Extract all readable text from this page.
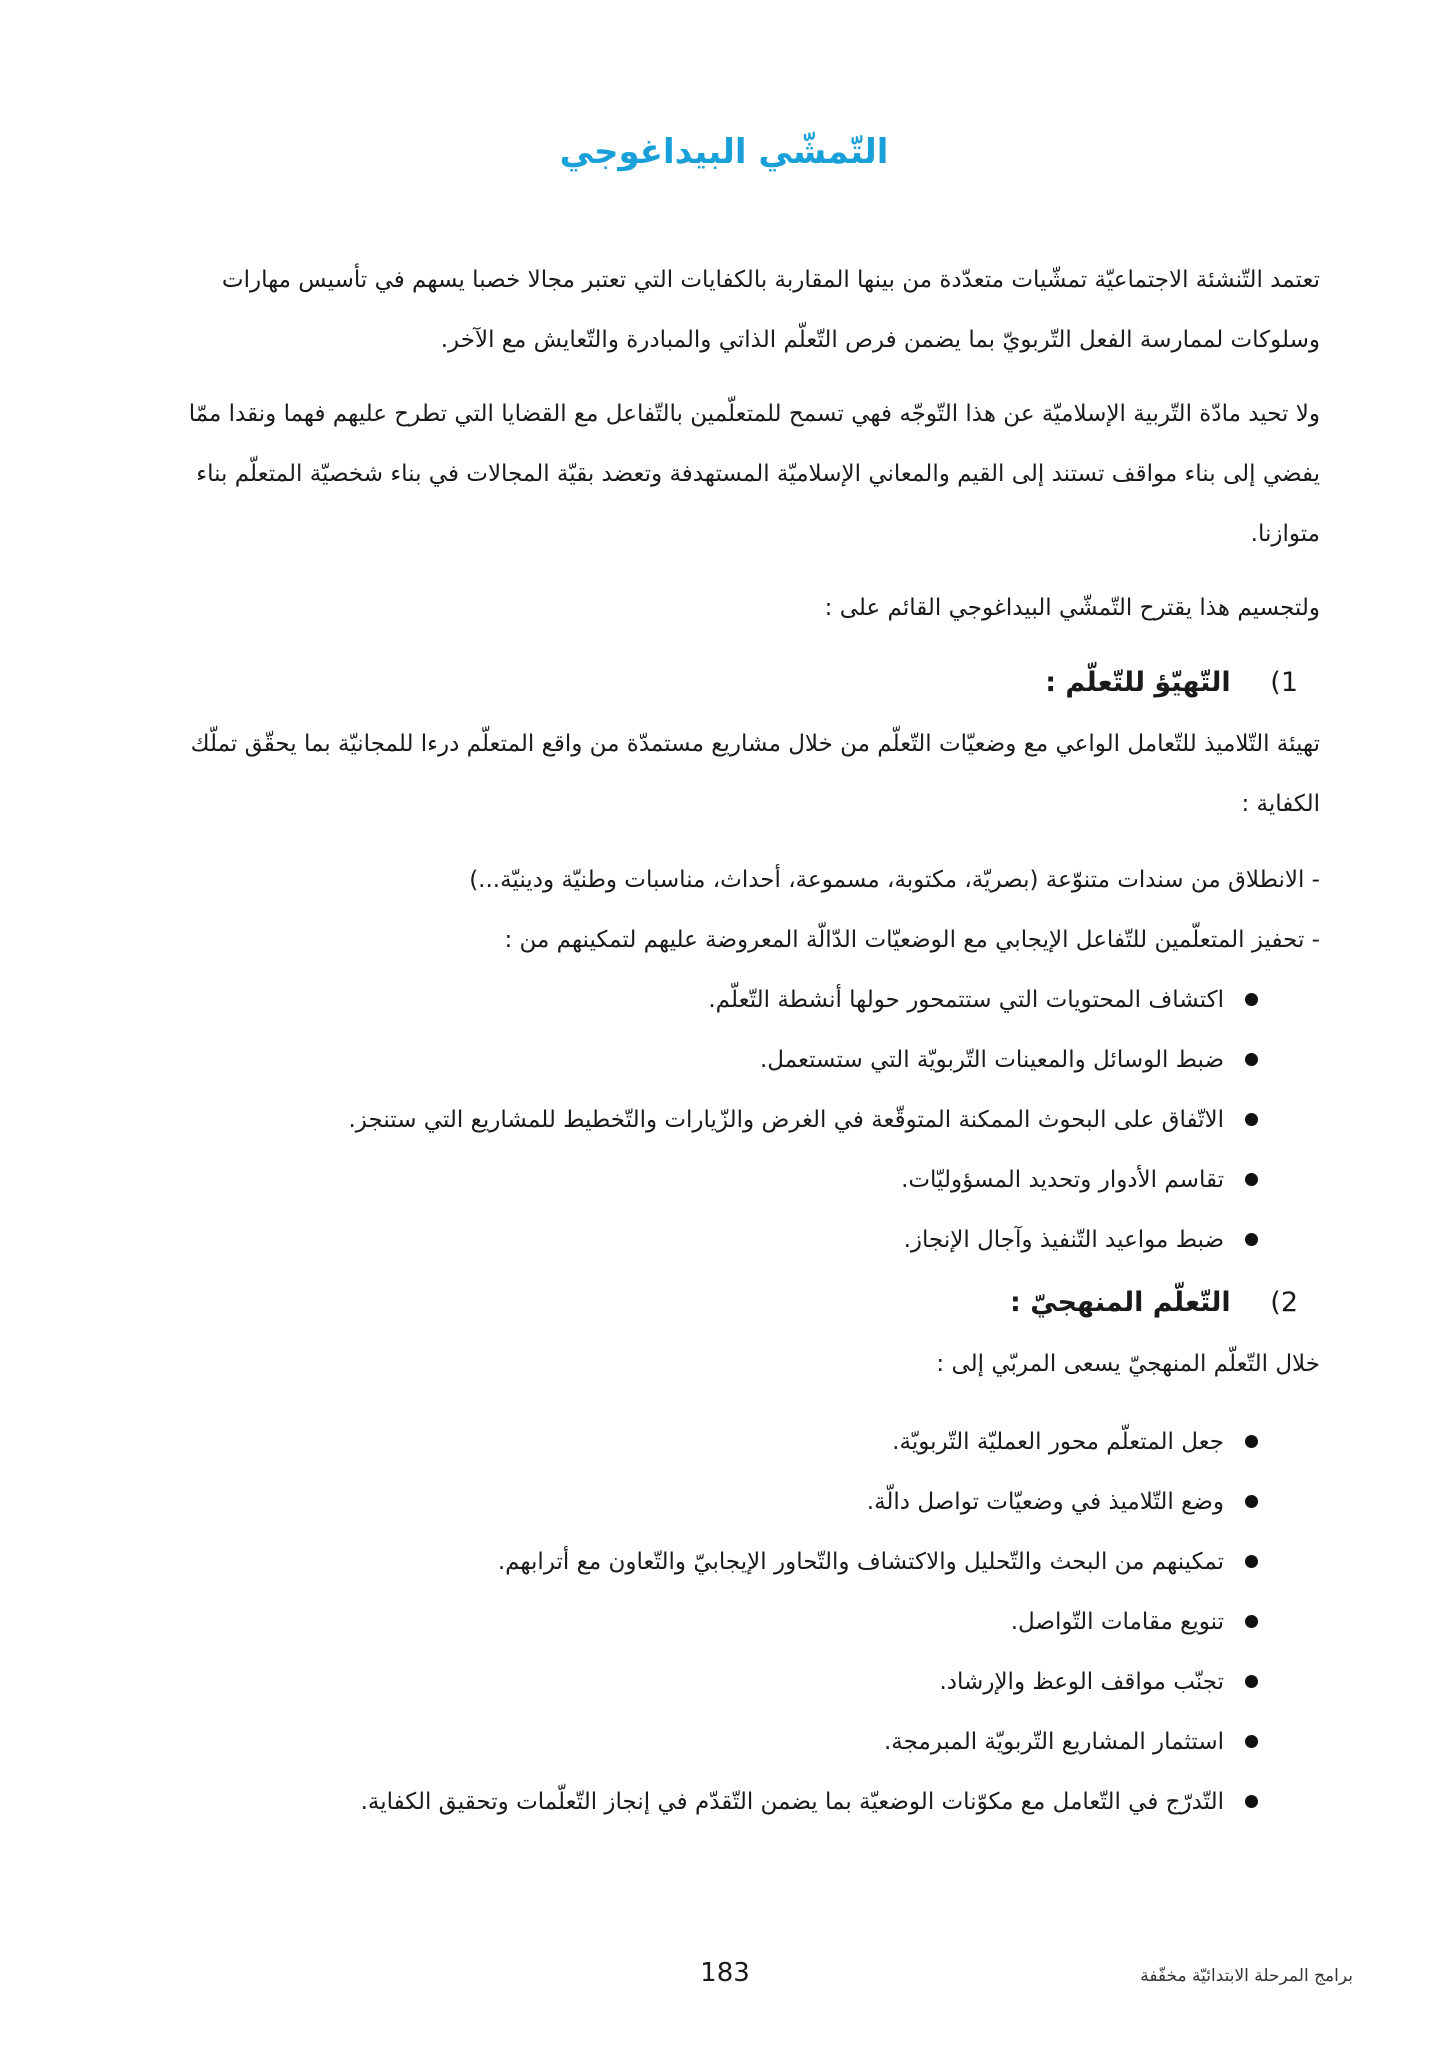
التّمشّي البيداغوجي

تعتمد التّنشئة الاجتماعيّة تمشّيات متعدّدة من بينها المقاربة بالكفايات التي تعتبر مجالا خصبا يسهم في تأسيس مهارات وسلوكات لممارسة الفعل التّربويّ بما يضمن فرص التّعلّم الذاتي والمبادرة والتّعايش مع الآخر.

ولا تحيد مادّة التّربية الإسلاميّة عن هذا التّوجّه فهي تسمح للمتعلّمين بالتّفاعل مع القضايا التي تطرح عليهم فهما ونقدا ممّا يفضي إلى بناء مواقف تستند إلى القيم والمعاني الإسلاميّة المستهدفة وتعضد بقيّة المجالات في بناء شخصيّة المتعلّم بناء متوازنا.

ولتجسيم هذا يقترح التّمشّي البيداغوجي القائم على :

1) التّهيّؤ للتّعلّم :

تهيئة التّلاميذ للتّعامل الواعي مع وضعيّات التّعلّم من خلال مشاريع مستمدّة من واقع المتعلّم درءا للمجانيّة بما يحقّق تملّك الكفاية :

- الانطلاق من سندات متنوّعة (بصريّة، مكتوبة، مسموعة، أحداث، مناسبات وطنيّة ودينيّة...)
- تحفيز المتعلّمين للتّفاعل الإيجابي مع الوضعيّات الدّالّة المعروضة عليهم لتمكينهم من :
اكتشاف المحتويات التي ستتمحور حولها أنشطة التّعلّم.
ضبط الوسائل والمعينات التّربويّة التي ستستعمل.
الاتّفاق على البحوث الممكنة المتوقّعة في الغرض والزّيارات والتّخطيط للمشاريع التي ستنجز.
تقاسم الأدوار وتحديد المسؤوليّات.
ضبط مواعيد التّنفيذ وآجال الإنجاز.
2) التّعلّم المنهجيّ :

خلال التّعلّم المنهجيّ يسعى المربّي إلى :

جعل المتعلّم محور العمليّة التّربويّة.
وضع التّلاميذ في وضعيّات تواصل دالّة.
تمكينهم من البحث والتّحليل والاكتشاف والتّحاور الإيجابيّ والتّعاون مع أترابهم.
تنويع مقامات التّواصل.
تجنّب مواقف الوعظ والإرشاد.
استثمار المشاريع التّربويّة المبرمجة.
التّدرّج في التّعامل مع مكوّنات الوضعيّة بما يضمن التّقدّم في إنجاز التّعلّمات وتحقيق الكفاية.
183	برامج المرحلة الابتدائيّة مخفّفة
